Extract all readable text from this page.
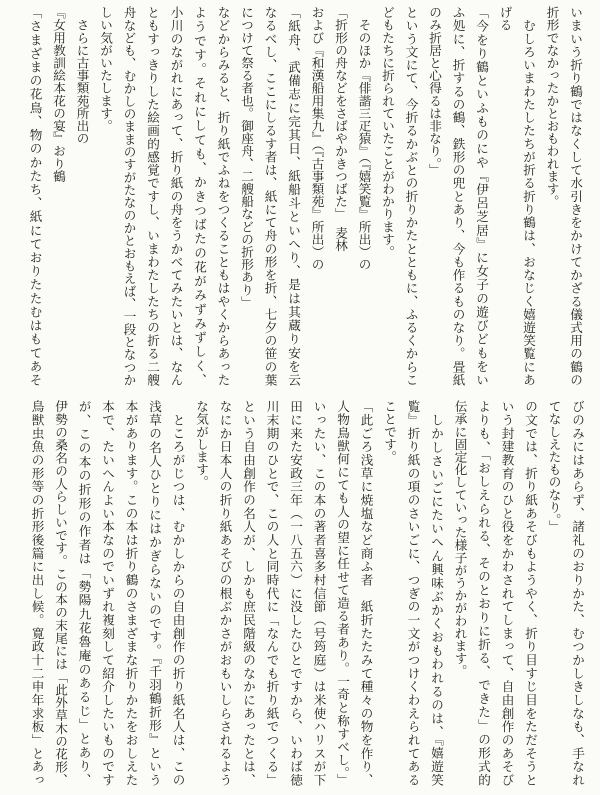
いまいう折り鶴ではなくして水引きをかけてかざる儀式用の鶴の
折形でなかったかとおもわれます。
　むしろいまわたしたちが折る折り鶴は、おなじく嬉遊笑覧にあ
げる
「今をり鶴といふものにや『伊呂芝居』に女子の遊びどもをい
ふ処に、折するの鶴、鉄形の兜とあり、今も作るものなり。畳紙
のみ折居と心得るは非なり。」
という文にて、今折るかぶとの折りかたとともに、ふるくからこ
どもたちに折られていたことがわかります。
　そのほか『俳諧三疋猿』（『嬉笑覧』所出）の
「折形の舟などをさばやかきつばた」　麦林
および『和漢船用集九』（『古事類苑』所出）の
「紙舟、武備志に完其日、紙船斗といへり、是は其蔵り安を云
なるべし、ここにしるす者は、紙にて舟の形を折、七夕の笹の葉
につけて祭る者也。御座舟、二艘船などの折形あり」
などからみると、折り紙でふねをつくることもはやくからあった
ようです。それにしても、かきつばたの花がみずみずしく、
小川のながれにあって、折り紙の舟をうかべてみたいとは、なん
ともすっきりした絵画的感覚ですし、いまわたしたちの折る二艘
舟なども、むかしのままのすがたなのかとおもえば、一段となつか
しい気がいたします。
　さらに古事類苑所出の
『女用教訓絵本花の宴』おり鶴
「さまざまの花鳥、物のかたち、紙にておりたたむはもてあそ
びのみにはあらず、諸礼のおりかた、むつかしきしなも、手なれ
てなしえたものなり。」
の文では、折り紙あそびもようやく、折り目すじ目をただそうと
いう封建教育のひと役をかわされてしまって、自由創作のあそび
よりも、「おしえられる、そのとおりに折る、できた」の形式的
伝承に固定化していった様子がうかがわれます。
　しかしさいごにたいへん興味ぶかくおもわれるのは、『嬉遊笑
覧』折り紙の項のさいごに、つぎの一文がつけくわえられてある
ことです。
「此ごろ浅草に焼塩など商ふ者　紙折たたみて種々の物を作り、
人物鳥獣何にても人の望に任せて造る者あり。一奇と称すべし。」
いったい、この本の著者喜多村信節（号筠庭）は米使ハリスが下
田に来た安政三年（一八五六）に没したひとですから、いわば徳
川末期のひとで、この人と同時代に「なんでも折り紙でつくる」
という自由創作の名人が、しかも庶民階級のなかにあったとは、
なにか日本人の折り紙あそびの根ぶかさがおもいしらされるよう
な気がします。
　ところがじつは、むかしからの自由創作の折り紙名人は、この
浅草の名人ひとりにはかぎらないのです。『千羽鶴折形』という
本があります。この本は折り鶴のさまざまな折りかたをおしえた
本で、たいへんよい本なのでいずれ複刻して紹介したいものです
が、この本の折形の作者は「勢陽九花魯庵のあるじ」とあり、
伊勢の桑名の人らしいです。この本の末尾には「此外草木の花形、
鳥獣虫魚の形等の折形後篇に出し候。寛政十二申年求板」とあっ
